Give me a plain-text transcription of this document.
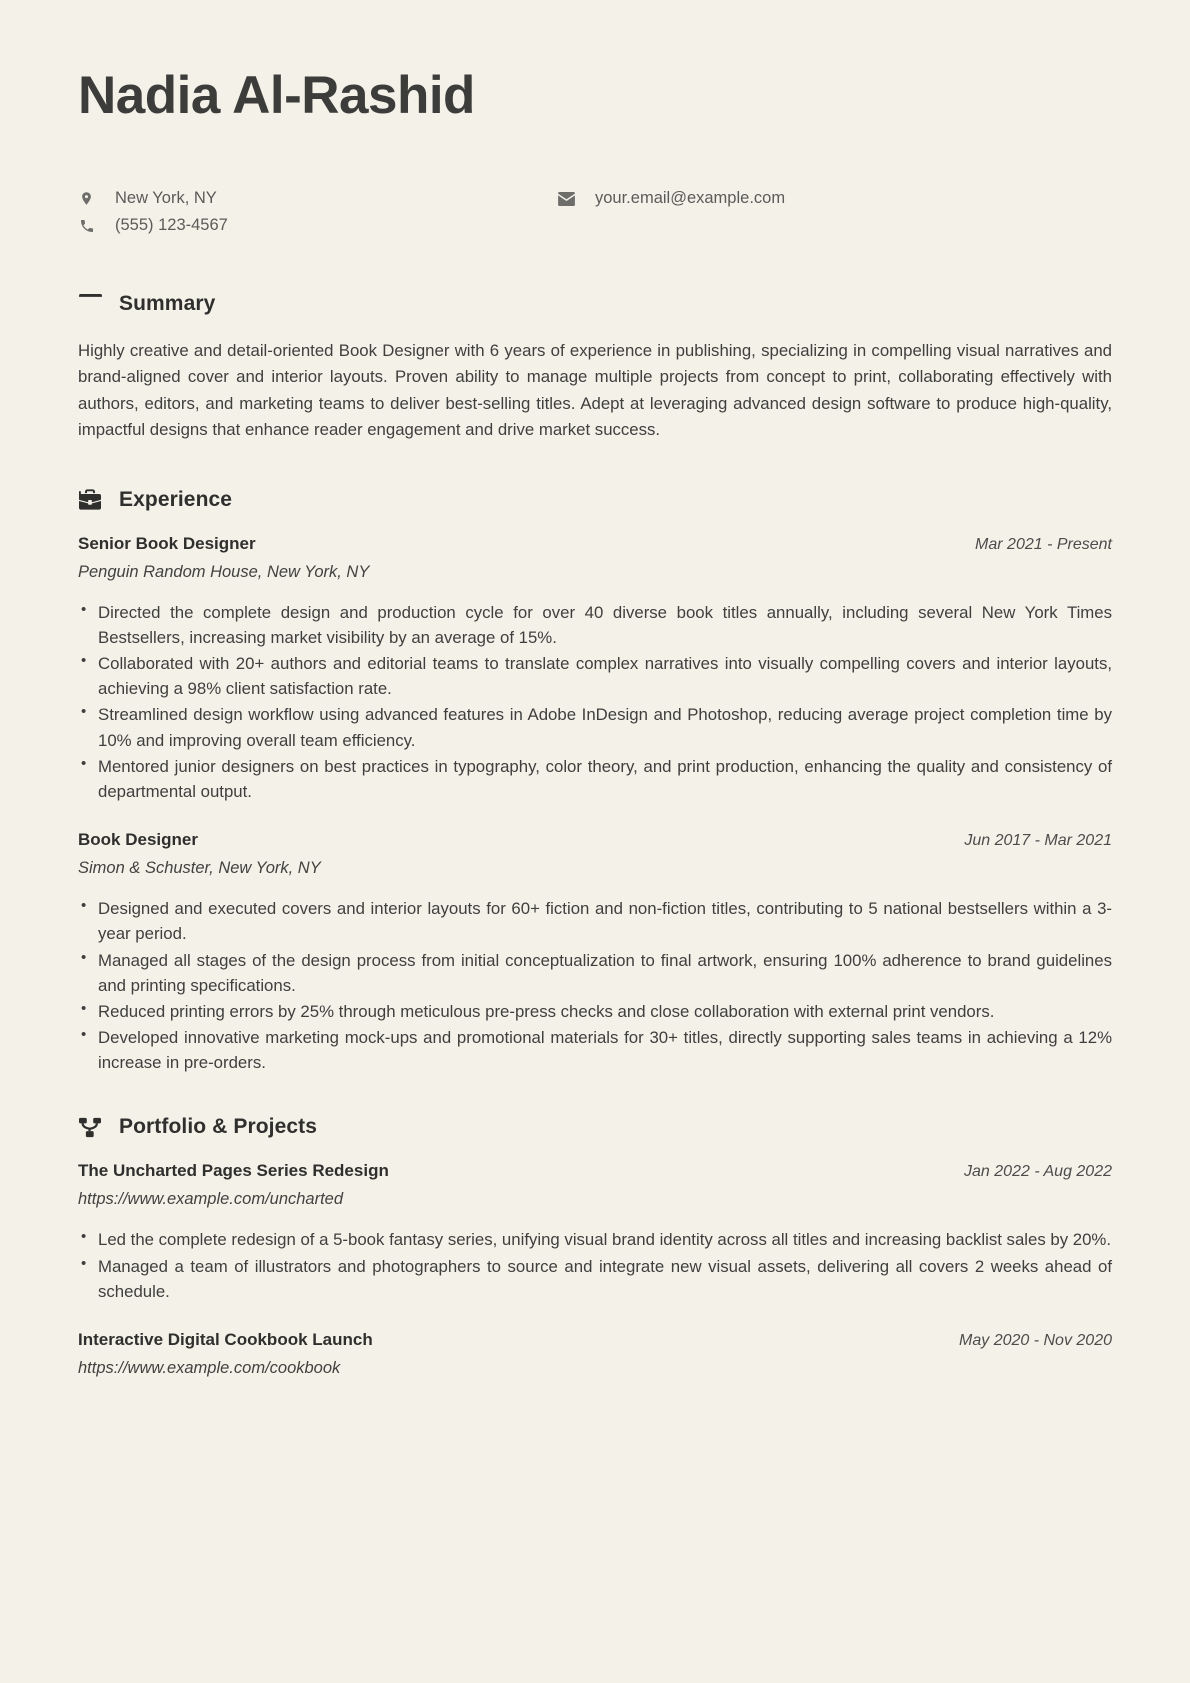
Nadia Al-Rashid
New York, NY
(555) 123-4567
your.email@example.com
Summary

Highly creative and detail-oriented Book Designer with 6 years of experience in publishing, specializing in compelling visual narratives and brand-aligned cover and interior layouts. Proven ability to manage multiple projects from concept to print, collaborating effectively with authors, editors, and marketing teams to deliver best-selling titles. Adept at leveraging advanced design software to produce high-quality, impactful designs that enhance reader engagement and drive market success.

Experience
Senior Book Designer	Mar 2021 - Present
Penguin Random House, New York, NY
• Directed the complete design and production cycle for over 40 diverse book titles annually, including several New York Times Bestsellers, increasing market visibility by an average of 15%.
• Collaborated with 20+ authors and editorial teams to translate complex narratives into visually compelling covers and interior layouts, achieving a 98% client satisfaction rate.
• Streamlined design workflow using advanced features in Adobe InDesign and Photoshop, reducing average project completion time by 10% and improving overall team efficiency.
• Mentored junior designers on best practices in typography, color theory, and print production, enhancing the quality and consistency of departmental output.
Book Designer	Jun 2017 - Mar 2021
Simon & Schuster, New York, NY
• Designed and executed covers and interior layouts for 60+ fiction and non-fiction titles, contributing to 5 national bestsellers within a 3-year period.
• Managed all stages of the design process from initial conceptualization to final artwork, ensuring 100% adherence to brand guidelines and printing specifications.
• Reduced printing errors by 25% through meticulous pre-press checks and close collaboration with external print vendors.
• Developed innovative marketing mock-ups and promotional materials for 30+ titles, directly supporting sales teams in achieving a 12% increase in pre-orders.
Portfolio & Projects
The Uncharted Pages Series Redesign	Jan 2022 - Aug 2022
https://www.example.com/uncharted
• Led the complete redesign of a 5-book fantasy series, unifying visual brand identity across all titles and increasing backlist sales by 20%.
• Managed a team of illustrators and photographers to source and integrate new visual assets, delivering all covers 2 weeks ahead of schedule.
Interactive Digital Cookbook Launch	May 2020 - Nov 2020
https://www.example.com/cookbook
